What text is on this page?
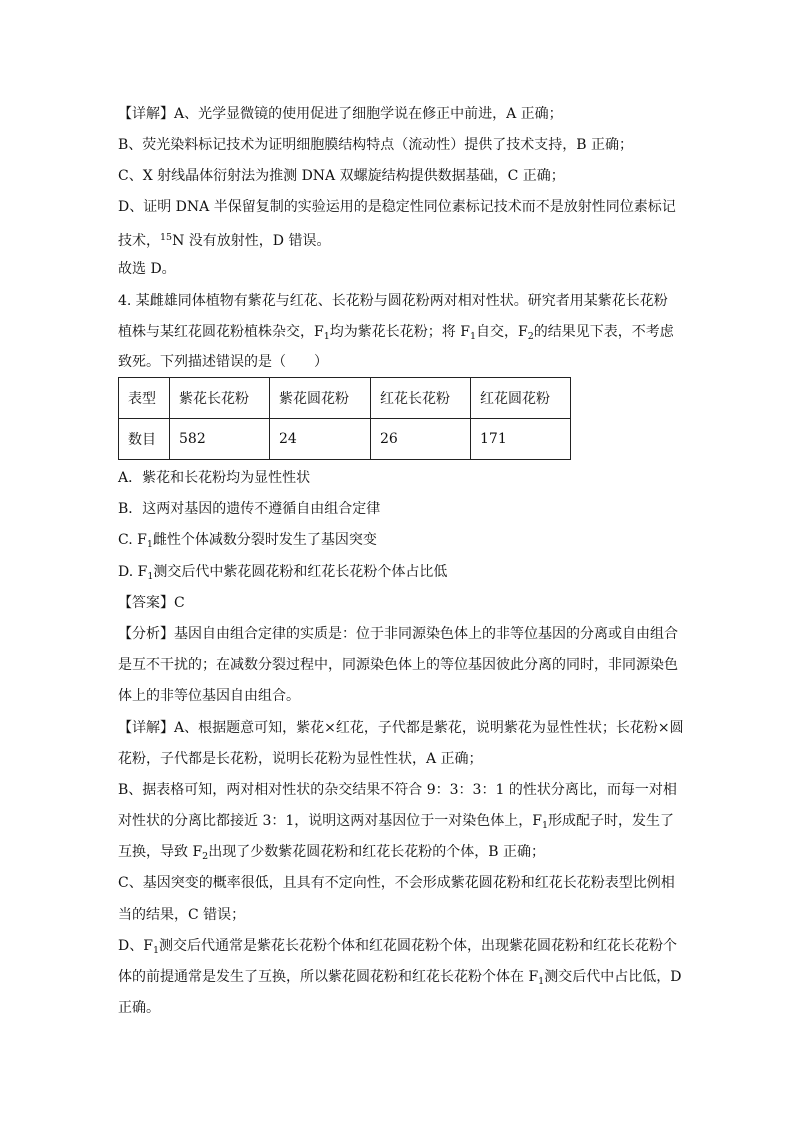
【详解】A、光学显微镜的使用促进了细胞学说在修正中前进，A 正确；
B、荧光染料标记技术为证明细胞膜结构特点（流动性）提供了技术支持，B 正确；
C、X 射线晶体衍射法为推测 DNA 双螺旋结构提供数据基础，C 正确；
D、证明 DNA 半保留复制的实验运用的是稳定性同位素标记技术而不是放射性同位素标记
技术，$^{15}$N 没有放射性，D 错误。
故选 D。
4. 某雌雄同体植物有紫花与红花、长花粉与圆花粉两对相对性状。研究者用某紫花长花粉
植株与某红花圆花粉植株杂交，$F_1$均为紫花长花粉；将 $F_1$自交，$F_2$的结果见下表，不考虑
致死。下列描述错误的是（　　）
表型	紫花长花粉	紫花圆花粉	红花长花粉	红花圆花粉
数目	582	24	26	171
A．紫花和长花粉均为显性性状
B．这两对基因的遗传不遵循自由组合定律
C. $F_1$雌性个体减数分裂时发生了基因突变
D. $F_1$测交后代中紫花圆花粉和红花长花粉个体占比低
【答案】C
【分析】基因自由组合定律的实质是：位于非同源染色体上的非等位基因的分离或自由组合
是互不干扰的；在减数分裂过程中，同源染色体上的等位基因彼此分离的同时，非同源染色
体上的非等位基因自由组合。
【详解】A、根据题意可知，紫花×红花，子代都是紫花，说明紫花为显性性状；长花粉×圆
花粉，子代都是长花粉，说明长花粉为显性性状，A 正确；
B、据表格可知，两对相对性状的杂交结果不符合 9：3：3：1 的性状分离比，而每一对相
对性状的分离比都接近 3：1，说明这两对基因位于一对染色体上，$F_1$形成配子时，发生了
互换，导致 $F_2$出现了少数紫花圆花粉和红花长花粉的个体，B 正确；
C、基因突变的概率很低，且具有不定向性，不会形成紫花圆花粉和红花长花粉表型比例相
当的结果，C 错误；
D、$F_1$测交后代通常是紫花长花粉个体和红花圆花粉个体，出现紫花圆花粉和红花长花粉个
体的前提通常是发生了互换，所以紫花圆花粉和红花长花粉个体在 $F_1$测交后代中占比低，D
正确。
